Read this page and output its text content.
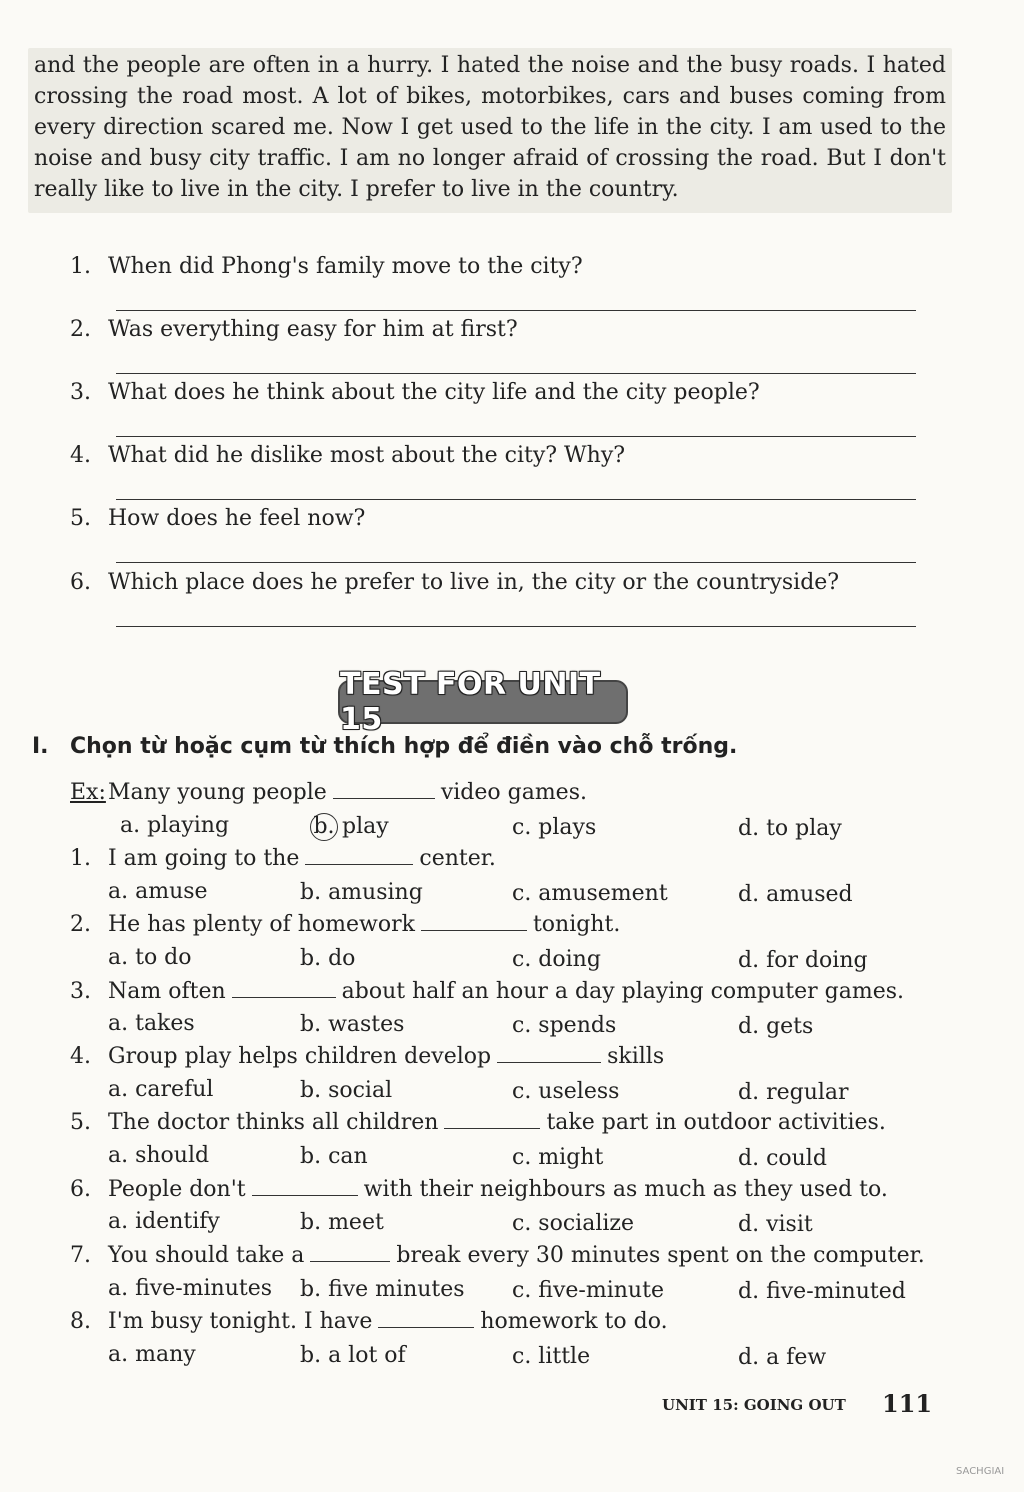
and the people are often in a hurry. I hated the noise and the busy roads. I hated crossing the road most. A lot of bikes, motorbikes, cars and buses coming from every direction scared me. Now I get used to the life in the city. I am used to the noise and busy city traffic. I am no longer afraid of crossing the road. But I don't really like to live in the city. I prefer to live in the country.

1. When did Phong's family move to the city?
2. Was everything easy for him at first?
3. What does he think about the city life and the city people?
4. What did he dislike most about the city? Why?
5. How does he feel now?
6. Which place does he prefer to live in, the city or the countryside?
TEST FOR UNIT 15
I. Chọn từ hoặc cụm từ thích hợp để điền vào chỗ trống.
Ex:Many young people	video games.
a. playing	b. play	c. plays	d. to play
1. I am going to the	center.
a. amuse	b. amusing	c. amusement	d. amused
2. He has plenty of homework	tonight.
a. to do	b. do	c. doing	d. for doing
3. Nam often	about half an hour a day playing computer games.
a. takes	b. wastes	c. spends	d. gets
4. Group play helps children develop	skills
a. careful	b. social	c. useless	d. regular
5. The doctor thinks all children	take part in outdoor activities.
a. should	b. can	c. might	d. could
6. People don't	with their neighbours as much as they used to.
a. identify	b. meet	c. socialize	d. visit
7. You should take a	break every 30 minutes spent on the computer.
a. five-minutes b. five minutes c. five-minute	d. five-minuted
8. I'm busy tonight. I have	homework to do.
a. many	b. a lot of	c. little	d. a few
UNIT 15: GOING OUT 111
SACHGIAI
